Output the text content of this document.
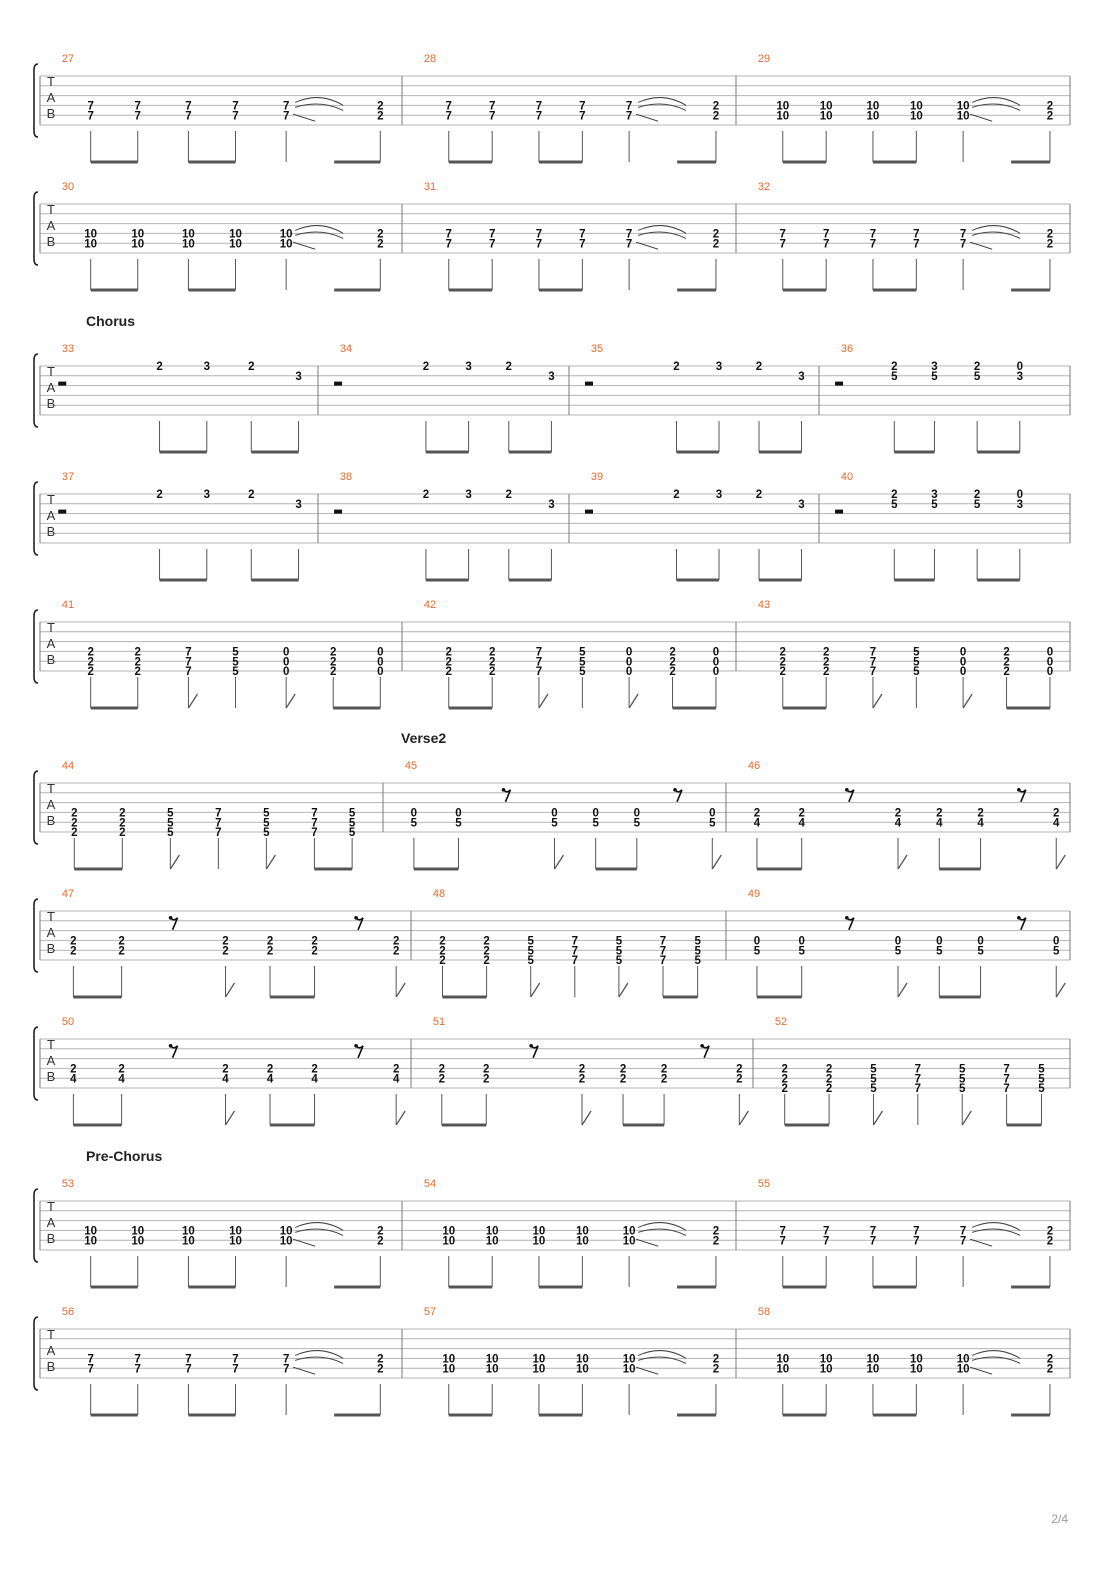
T
A
B
27
7
7
7
7
7
7
7
7
7
7
2
2
28
7
7
7
7
7
7
7
7
7
7
2
2
29
10
10
10
10
10
10
10
10
10
10
2
2
T
A
B
30
10
10
10
10
10
10
10
10
10
10
2
2
31
7
7
7
7
7
7
7
7
7
7
2
2
32
7
7
7
7
7
7
7
7
7
7
2
2
T
A
B
Chorus
33
2	3	2
3
34
2	3	2
3
35
2	3	2
3
36
2	3	2	0
5	5	5	3
T
A
B
37
2	3	2
3
38
2	3	2
3
39
2	3	2
3
40
2	3	2	0
5	5	5	3
T
A
B
41
2
2
2
2
2
2
7
7
7
5
5
5
0
0
0
2
2
2
0
0
0
42
2
2
2
2
2
2
7
7
7
5
5
5
0
0
0
2
2
2
0
0
0
43
2
2
2
2
2
2
7
7
7
5
5
5
0
0
0
2
2
2
0
0
0
T
A
B
Verse2
44
2
2
2
2
2
2
5
5
5
7
7
7
5
5
5
7
7
7
5
5
5
45
0
5
0
5
0
5
0
5
0
5
0
5
46
2
4
2
4
2
4
2
4
2
4
2
4
T
A
B
47
2
2
2
2
2
2
2
2
2
2
2
2
48
2
2
2
2
2
2
5
5
5
7
7
7
5
5
5
7
7
7
5
5
5
49
0
5
0
5
0
5
0
5
0
5
0
5
T
A
B
50
2
4
2
4
2
4
2
4
2
4
2
4
51
2
2
2
2
2
2
2
2
2
2
2
2
52
2
2
2
2
2
2
5
5
5
7
7
7
5
5
5
7
7
7
5
5
5
T
A
B
Pre-Chorus
53
10
10
10
10
10
10
10
10
10
10
2
2
54
10
10
10
10
10
10
10
10
10
10
2
2
55
7
7
7
7
7
7
7
7
7
7
2
2
T
A
B
56
7
7
7
7
7
7
7
7
7
7
2
2
57
10
10
10
10
10
10
10
10
10
10
2
2
58
10
10
10
10
10
10
10
10
10
10
2
2
2/4
